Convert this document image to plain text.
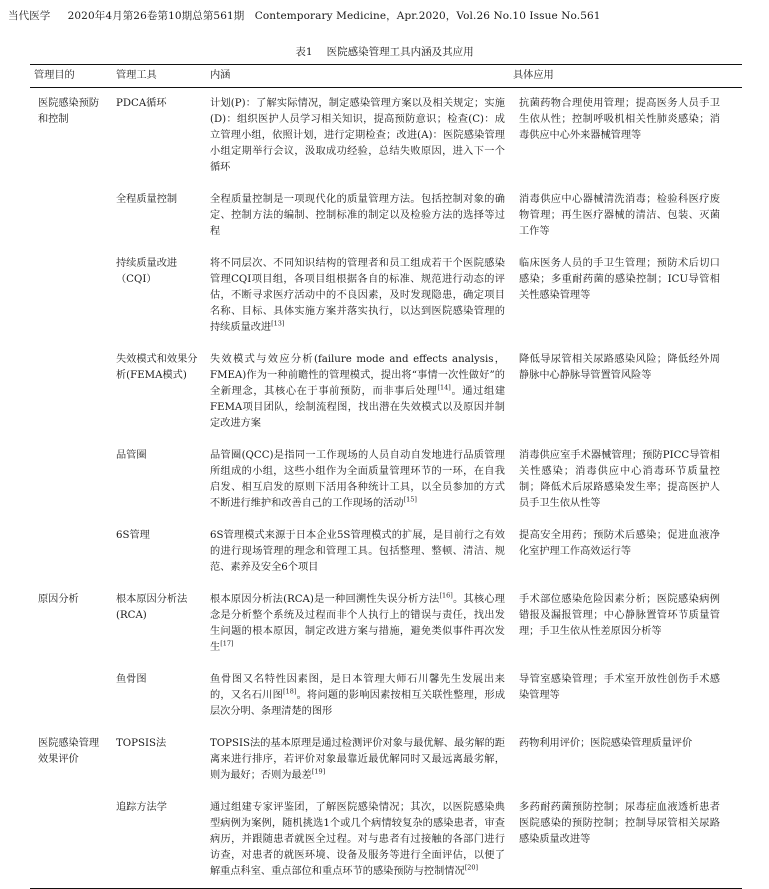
当代医学 2020年4月第26卷第10期总第561期 Contemporary Medicine，Apr.2020，Vol.26 No.10 Issue No.561
表1 医院感染管理工具内涵及其应用
管理目的	管理工具	内涵	具体应用

医院感染预防和控制	PDCA循环	计划(P)：了解实际情况，制定感染管理方案以及相关规定；实施(D)：组织医护人员学习相关知识，提高预防意识；检查(C)：成立管理小组，依照计划，进行定期检查；改进(A)：医院感染管理小组定期举行会议，汲取成功经验，总结失败原因，进入下一个循环	抗菌药物合理使用管理；提高医务人员手卫生依从性；控制呼吸机相关性肺炎感染；消毒供应中心外来器械管理等

	全程质量控制	全程质量控制是一项现代化的质量管理方法。包括控制对象的确定、控制方法的编制、控制标准的制定以及检验方法的选择等过程	消毒供应中心器械清洗消毒；检验科医疗废物管理；再生医疗器械的清洁、包装、灭菌工作等

	持续质量改进（CQI）	将不同层次、不同知识结构的管理者和员工组成若干个医院感染管理CQI项目组，各项目组根据各自的标准、规范进行动态的评估，不断寻求医疗活动中的不良因素，及时发现隐患，确定项目名称、目标、具体实施方案并落实执行，以达到医院感染管理的持续质量改进[13]	临床医务人员的手卫生管理；预防术后切口感染；多重耐药菌的感染控制；ICU导管相关性感染管理等

	失效模式和效果分析(FEMA模式)	失效模式与效应分析(failure mode and effects analysis，FMEA)作为一种前瞻性的管理模式，提出将“事情一次性做好”的全新理念，其核心在于事前预防，而非事后处理[14]。通过组建FEMA项目团队，绘制流程图，找出潜在失效模式以及原因并制定改进方案	降低导尿管相关尿路感染风险；降低经外周静脉中心静脉导管置管风险等

	品管圈	品管圈(QCC)是指同一工作现场的人员自动自发地进行品质管理所组成的小组，这些小组作为全面质量管理环节的一环，在自我启发、相互启发的原则下活用各种统计工具，以全员参加的方式不断进行维护和改善自己的工作现场的活动[15]	消毒供应室手术器械管理；预防PICC导管相关性感染；消毒供应中心消毒环节质量控制；降低术后尿路感染发生率；提高医护人员手卫生依从性等

	6S管理	6S管理模式来源于日本企业5S管理模式的扩展，是目前行之有效的进行现场管理的理念和管理工具。包括整理、整顿、清洁、规范、素养及安全6个项目	提高安全用药；预防术后感染；促进血液净化室护理工作高效运行等

原因分析	根本原因分析法(RCA)	根本原因分析法(RCA)是一种回溯性失误分析方法[16]。其核心理念是分析整个系统及过程而非个人执行上的错误与责任，找出发生问题的根本原因，制定改进方案与措施，避免类似事件再次发生[17]	手术部位感染危险因素分析；医院感染病例错报及漏报管理；中心静脉置管环节质量管理；手卫生依从性差原因分析等

	鱼骨图	鱼骨图又名特性因素图，是日本管理大师石川馨先生发展出来的，又名石川图[18]。将问题的影响因素按相互关联性整理，形成层次分明、条理清楚的图形	导管室感染管理；手术室开放性创伤手术感染管理等

医院感染管理效果评价	TOPSIS法	TOPSIS法的基本原理是通过检测评价对象与最优解、最劣解的距离来进行排序，若评价对象最靠近最优解同时又最远离最劣解，则为最好；否则为最差[19]	药物利用评价；医院感染管理质量评价

	追踪方法学	通过组建专家评鉴团，了解医院感染情况；其次，以医院感染典型病例为案例，随机挑选1个或几个病情较复杂的感染患者，审查病历，并跟随患者就医全过程。对与患者有过接触的各部门进行访查，对患者的就医环境、设备及服务等进行全面评估，以便了解重点科室、重点部位和重点环节的感染预防与控制情况[20]	多药耐药菌预防控制；尿毒症血液透析患者医院感染的预防控制；控制导尿管相关尿路感染质量改进等
